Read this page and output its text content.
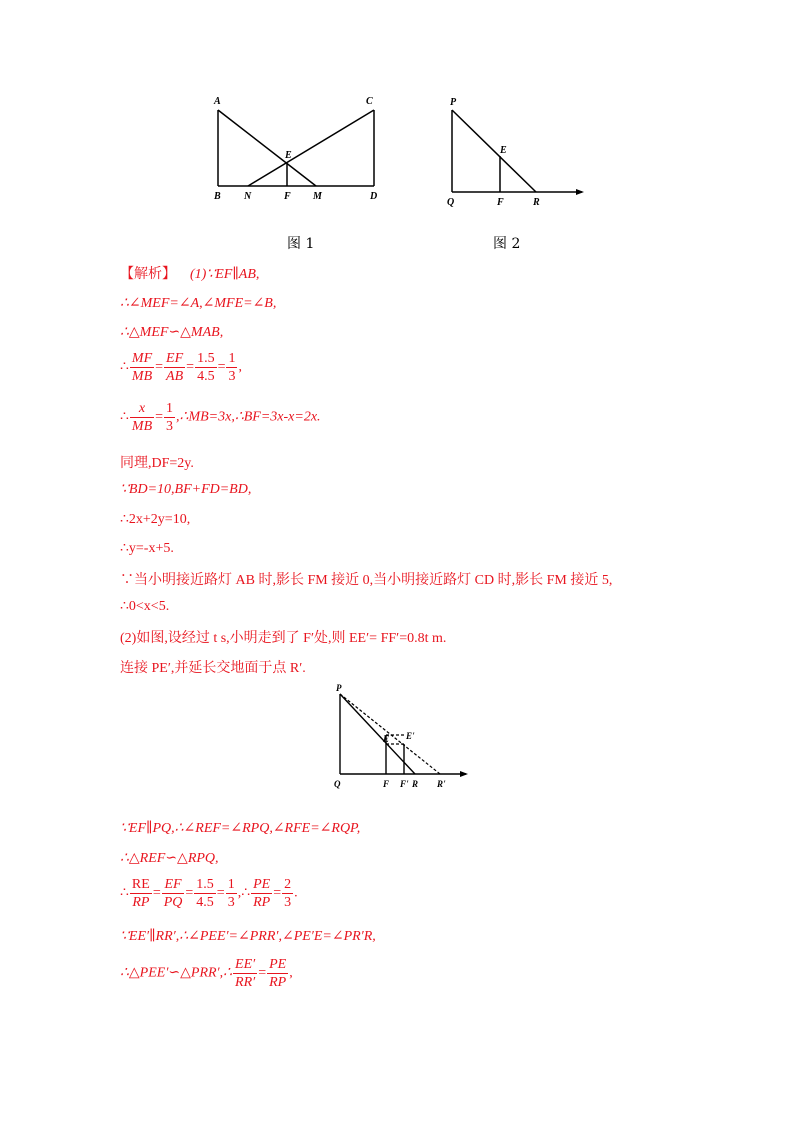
A	C
E
B N	F M	D
图 1
P
E
Q	F	R
图 2
【解析】 (1)∵EF∥AB,
∴∠MEF=∠A,∠MFE=∠B,
∴△MEF∽△MAB,
∴ $\frac{MF}{MB} = \frac{EF}{AB} = \frac{1.5}{4.5} = \frac{1}{3}$ ,
∴ $\frac{x}{MB} = \frac{1}{3}$ ,∴MB=3x,∴BF=3x-x=2x.
同理,DF=2y.
∵BD=10,BF+FD=BD,
∴2x+2y=10,
∴y=-x+5.
∵当小明接近路灯 AB 时,影长 FM 接近 0,当小明接近路灯 CD 时,影长 FM 接近 5,
∴0<x<5.
(2)如图,设经过 t s,小明走到了 F′处,则 EE′= FF′=0.8t m.
连接 PE′,并延长交地面于点 R′.
P
E E'
Q	F F' R R'
∵EF∥PQ,∴∠REF=∠RPQ,∠RFE=∠RQP,
∴△REF∽△RPQ,
∴ $\frac{RE}{RP} = \frac{EF}{PQ} = \frac{1.5}{4.5} = \frac{1}{3}$ ,∴ $\frac{PE}{RP} = \frac{2}{3}$ .
∵EE′∥RR′,∴∠PEE′=∠PRR′,∠PE′E=∠PR′R,
∴△PEE′∽△PRR′,∴ $\frac{EE'}{RR'} = \frac{PE}{RP}$ ,
